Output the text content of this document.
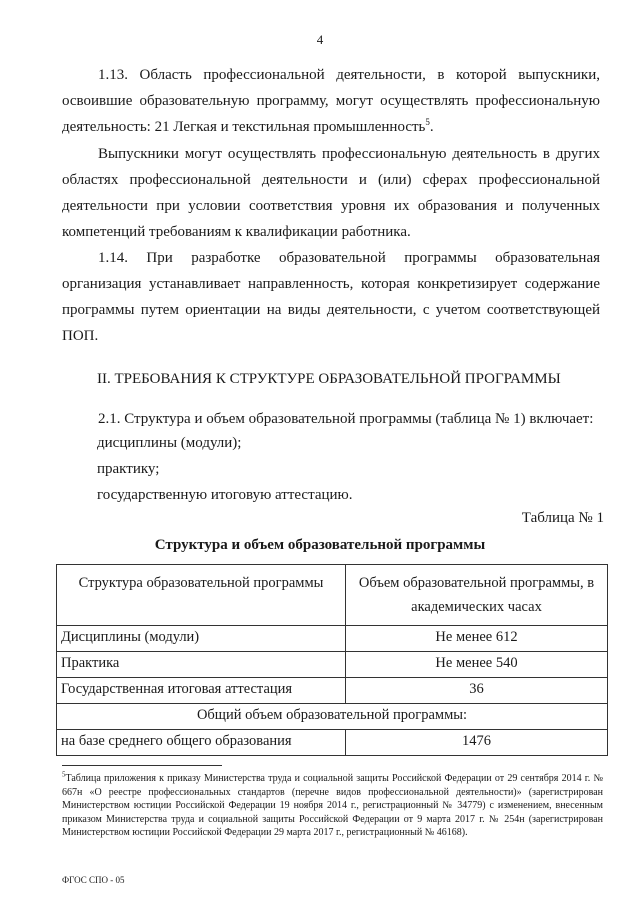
4

1.13. Область профессиональной деятельности, в которой выпускники, освоившие образовательную программу, могут осуществлять профессиональную деятельность: 21 Легкая и текстильная промышленность$^5$.

Выпускники могут осуществлять профессиональную деятельность в других областях профессиональной деятельности и (или) сферах профессиональной деятельности при условии соответствия уровня их образования и полученных компетенций требованиям к квалификации работника.

1.14. При разработке образовательной программы образовательная организация устанавливает направленность, которая конкретизирует содержание программы путем ориентации на виды деятельности, с учетом соответствующей ПОП.

II. ТРЕБОВАНИЯ К СТРУКТУРЕ ОБРАЗОВАТЕЛЬНОЙ ПРОГРАММЫ

2.1. Структура и объем образовательной программы (таблица № 1) включает:

дисциплины (модули);

практику;

государственную итоговую аттестацию.

Таблица № 1
Структура и объем образовательной программы
Структура образовательной программы	Объем образовательной программы, в академических часах
Дисциплины (модули)	Не менее 612
Практика	Не менее 540
Государственная итоговая аттестация	36
Общий объем образовательной программы:	
на базе среднего общего образования	1476

$^5$Таблица приложения к приказу Министерства труда и социальной защиты Российской Федерации от 29 сентября 2014 г. № 667н «О реестре профессиональных стандартов (перечне видов профессиональной деятельности)» (зарегистрирован Министерством юстиции Российской Федерации 19 ноября 2014 г., регистрационный № 34779) с изменением, внесенным приказом Министерства труда и социальной защиты Российской Федерации от 9 марта 2017 г. № 254н (зарегистрирован Министерством юстиции Российской Федерации 29 марта 2017 г., регистрационный № 46168).

ФГОС СПО - 05
